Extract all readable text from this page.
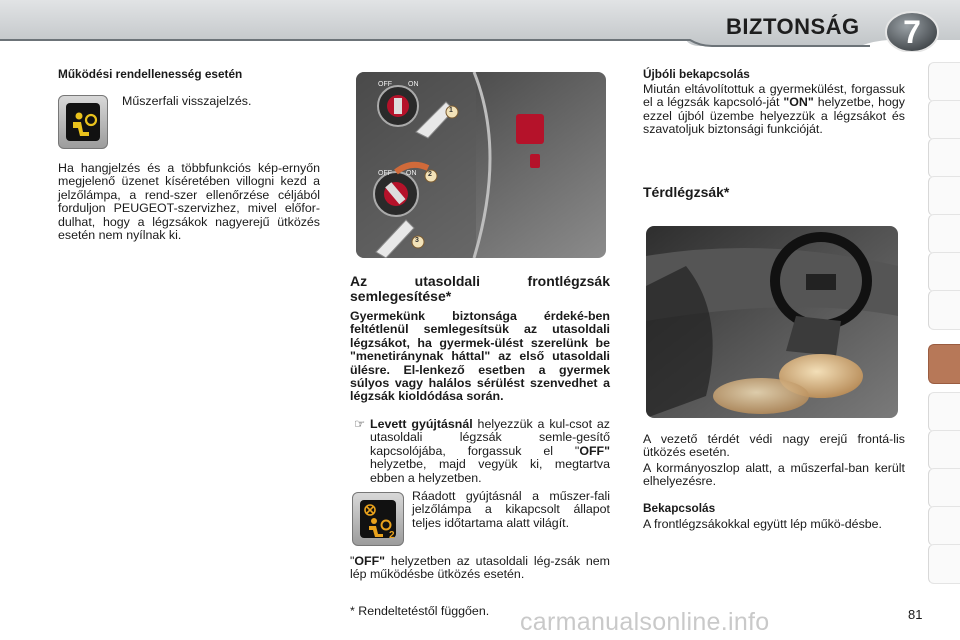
BIZTONSÁG	7
Működési rendellenesség esetén
Műszerfali visszajelzés.
Ha hangjelzés és a többfunkciós kép-ernyőn megjelenő üzenet kíséretében villogni kezd a jelzőlámpa, a rend-szer ellenőrzése céljából forduljon PEUGEOT-szervizhez, mivel előfor-dulhat, hogy a légzsákok nagyerejű ütközés esetén nem nyílnak ki.
OFF ON
1
2
OFF ON
3
Az utasoldali frontlégzsák semlegesítése*
Gyermekünk biztonsága érdeké-ben feltétlenül semlegesítsük az utasoldali légzsákot, ha gyermek-ülést szerelünk be "menetiránynak háttal" az első utasoldali ülésre. El-lenkező esetben a gyermek súlyos vagy halálos sérülést szenvedhet a légzsák kioldódása során.
☞ Levett gyújtásnál helyezzük a kul-csot az utasoldali légzsák semle-gesítő kapcsolójába, forgassuk el "OFF" helyzetbe, majd vegyük ki, megtartva ebben a helyzetben.

2
Ráadott gyújtásnál a műszer-fali jelzőlámpa a kikapcsolt állapot teljes időtartama alatt világít.
"OFF" helyzetben az utasoldali lég-zsák nem lép működésbe ütközés esetén.
* Rendeltetéstől függően.
Újbóli bekapcsolás
Miután eltávolítottuk a gyermekülést, forgassuk el a légzsák kapcsoló-ját "ON" helyzetbe, hogy ezzel újból üzembe helyezzük a légzsákot és szavatoljuk biztonsági funkcióját.
Térdlégzsák*
A vezető térdét védi nagy erejű frontá-lis ütközés esetén.
A kormányoszlop alatt, a műszerfal-ban került elhelyezésre.
Bekapcsolás
A frontlégzsákokkal együtt lép műkö-désbe.
carmanualsonline.info	81
